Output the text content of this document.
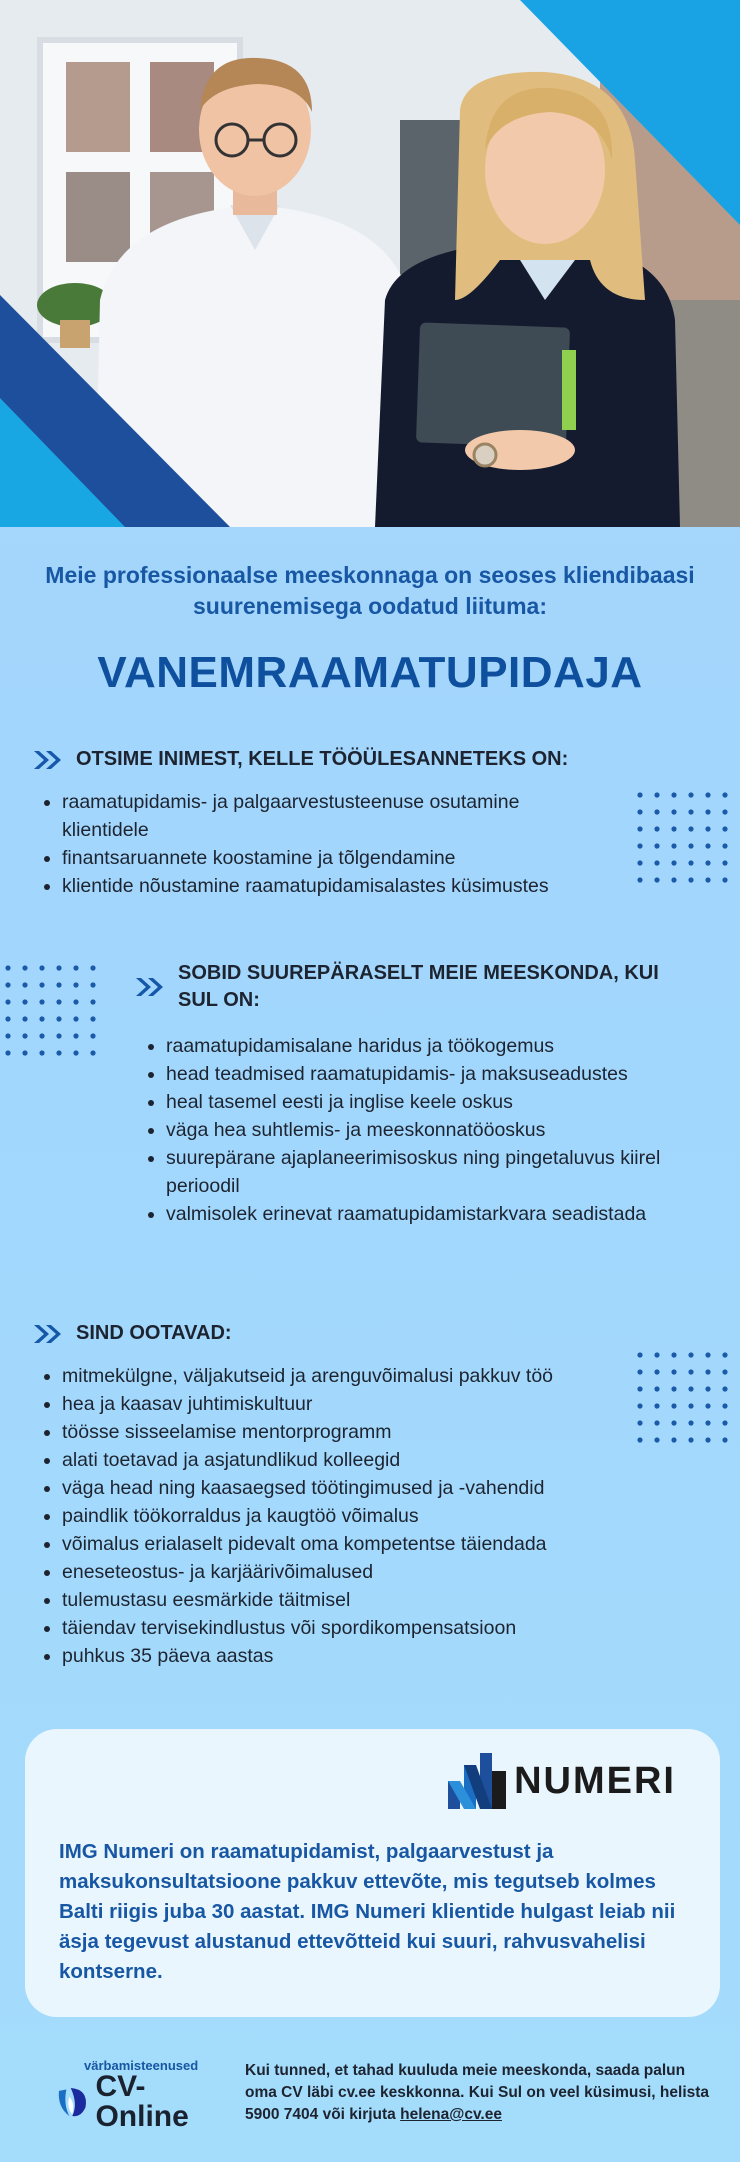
Meie professionaalse meeskonnaga on seoses kliendibaasi suurenemisega oodatud liituma:
VANEMRAAMATUPIDAJA
OTSIME INIMEST, KELLE TÖÖÜLESANNETEKS ON:
• raamatupidamis- ja palgaarvestusteenuse osutamine klientidele
• finantsaruannete koostamine ja tõlgendamine
• klientide nõustamine raamatupidamisalastes küsimustes
SOBID SUUREPÄRASELT MEIE MEESKONDA, KUI SUL ON:
• raamatupidamisalane haridus ja töökogemus
• head teadmised raamatupidamis- ja maksuseadustes
• heal tasemel eesti ja inglise keele oskus
• väga hea suhtlemis- ja meeskonnatööoskus
• suurepärane ajaplaneerimisoskus ning pingetaluvus kiirel perioodil
• valmisolek erinevat raamatupidamistarkvara seadistada
SIND OOTAVAD:
• mitmekülgne, väljakutseid ja arenguvõimalusi pakkuv töö
• hea ja kaasav juhtimiskultuur
• töösse sisseelamise mentorprogramm
• alati toetavad ja asjatundlikud kolleegid
• väga head ning kaasaegsed töötingimused ja -vahendid
• paindlik töökorraldus ja kaugtöö võimalus
• võimalus erialaselt pidevalt oma kompetentse täiendada
• eneseteostus- ja karjäärivõimalused
• tulemustasu eesmärkide täitmisel
• täiendav tervisekindlustus või spordikompensatsioon
• puhkus 35 päeva aastas
NUMERI
IMG Numeri on raamatupidamist, palgaarvestust ja maksukonsultatsioone pakkuv ettevõte, mis tegutseb kolmes Balti riigis juba 30 aastat. IMG Numeri klientide hulgast leiab nii äsja tegevust alustanud ettevõtteid kui suuri, rahvusvahelisi kontserne.
CV-Online
värbamisteenused	Kui tunned, et tahad kuuluda meie meeskonda, saada palun oma CV läbi cv.ee keskkonna. Kui Sul on veel küsimusi, helista 5900 7404 või kirjuta helena@cv.ee
